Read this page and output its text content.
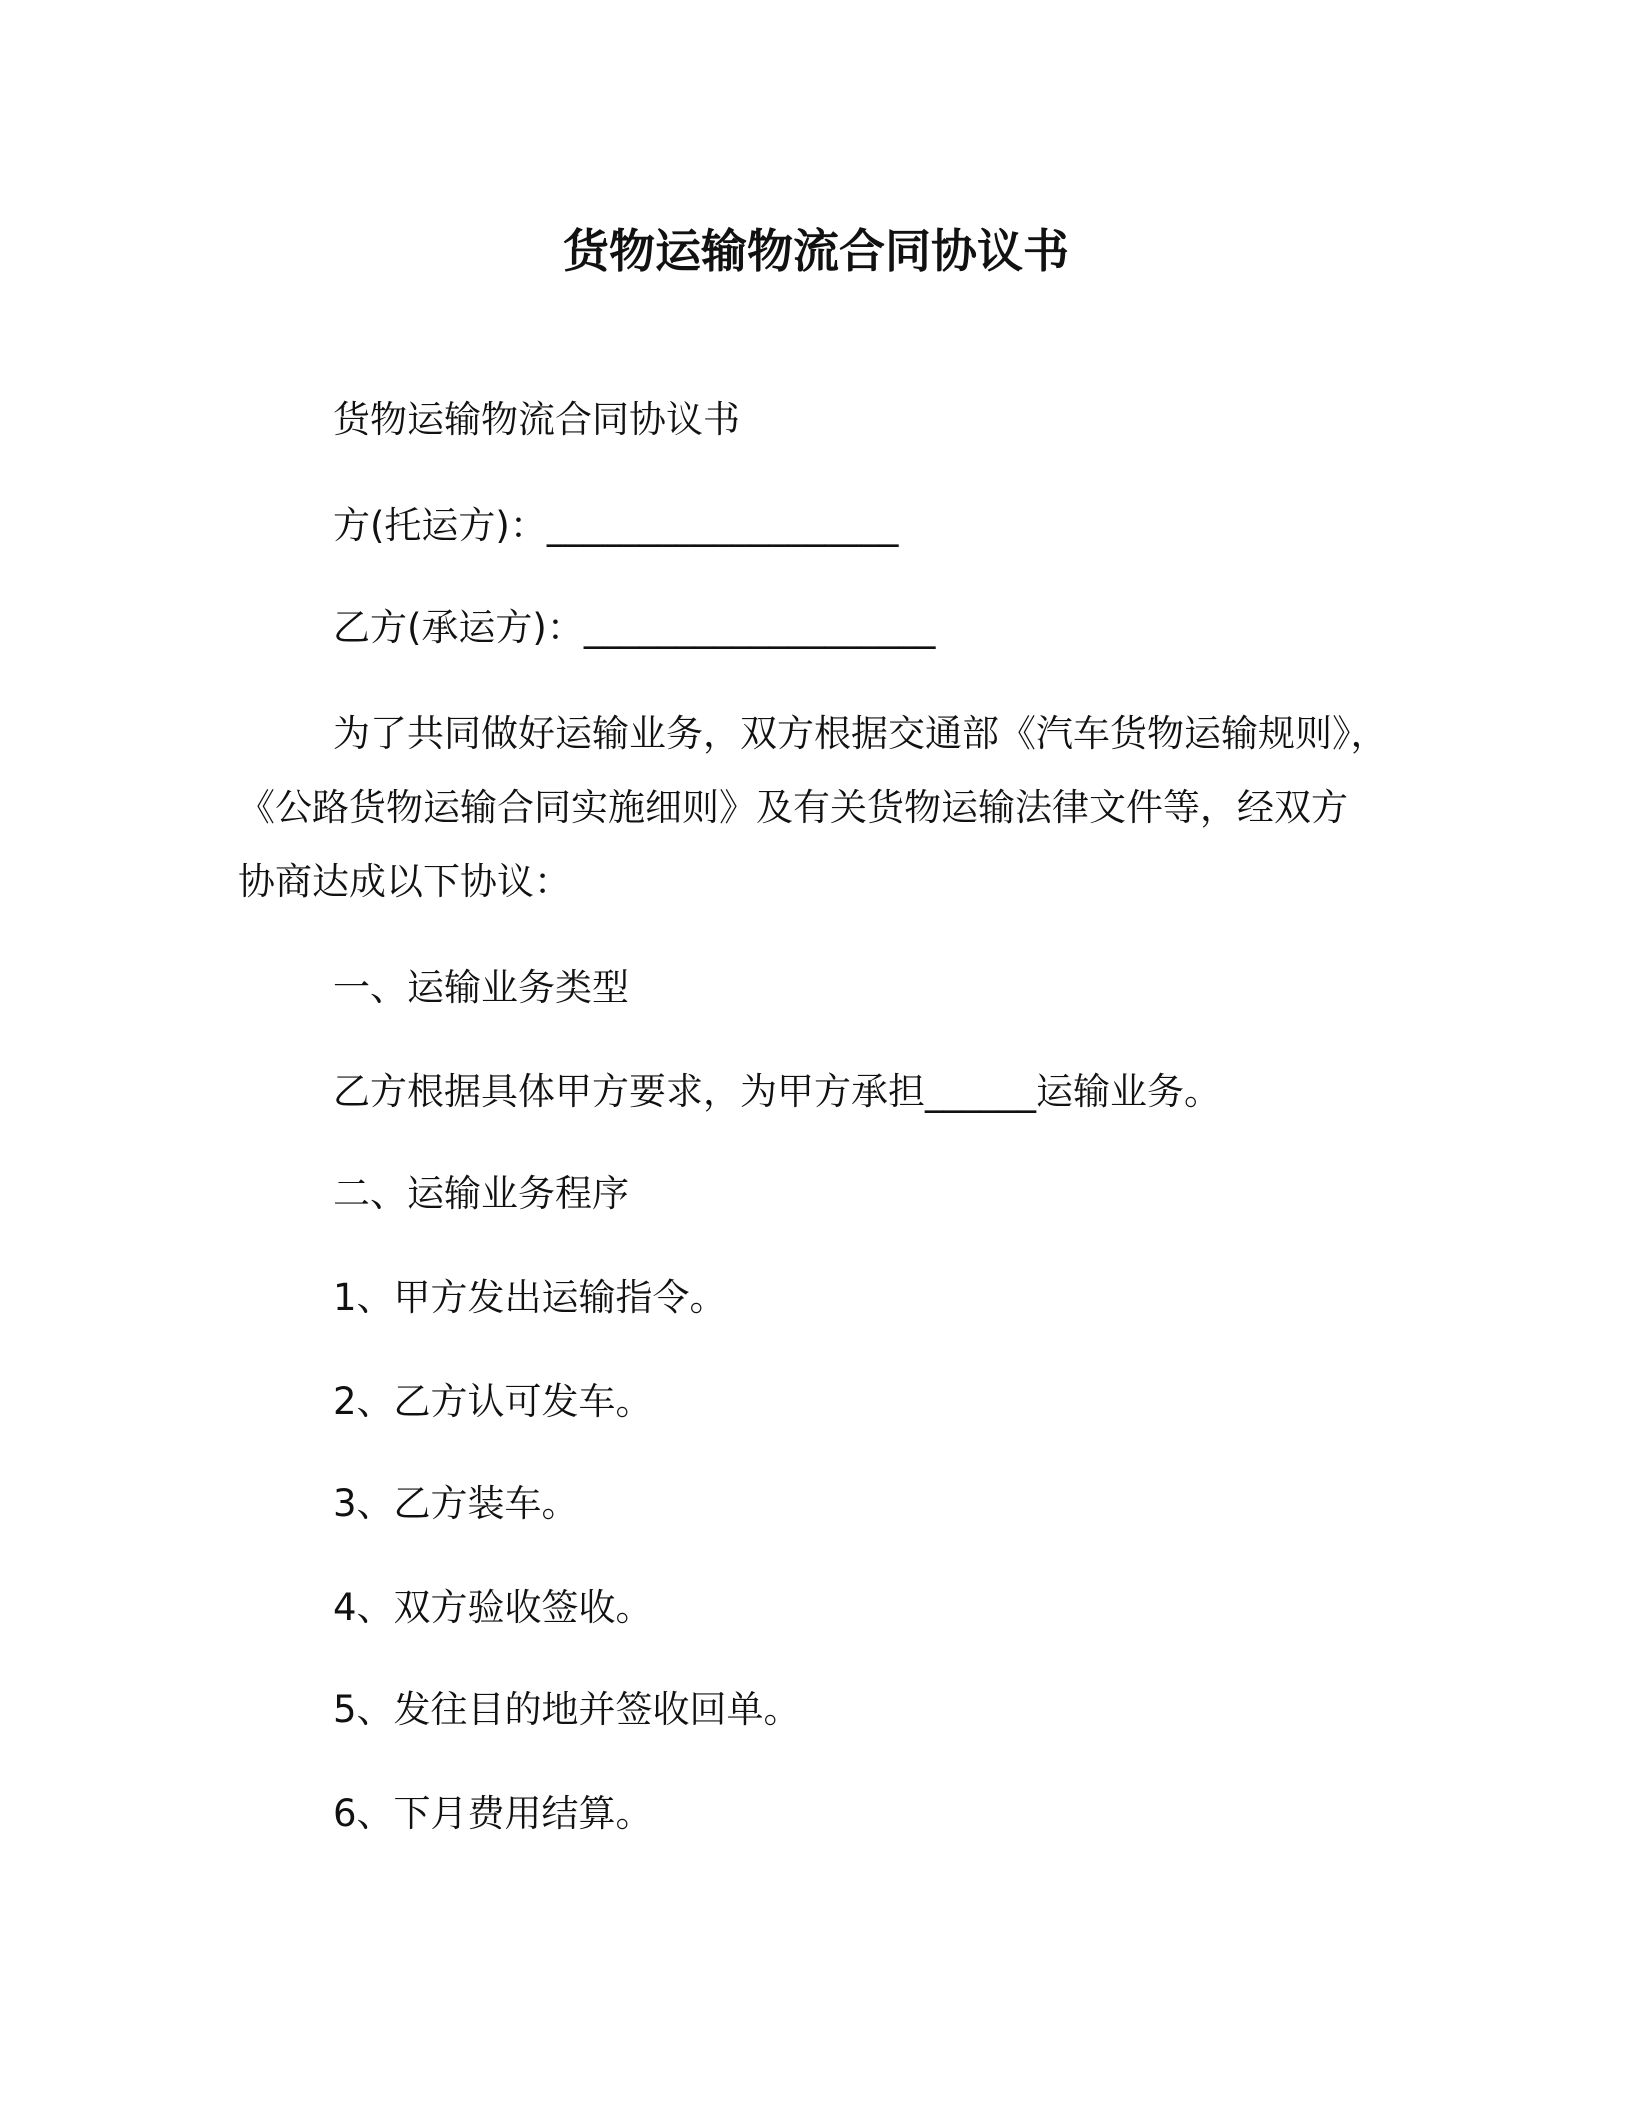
货物运输物流合同协议书
货物运输物流合同协议书
方(托运方)：___________________
乙方(承运方)：___________________
为了共同做好运输业务，双方根据交通部《汽车货物运输规则》，
《公路货物运输合同实施细则》及有关货物运输法律文件等，经双方
协商达成以下协议：
一、运输业务类型
乙方根据具体甲方要求，为甲方承担______运输业务。
二、运输业务程序
1、甲方发出运输指令。
2、乙方认可发车。
3、乙方装车。
4、双方验收签收。
5、发往目的地并签收回单。
6、下月费用结算。
